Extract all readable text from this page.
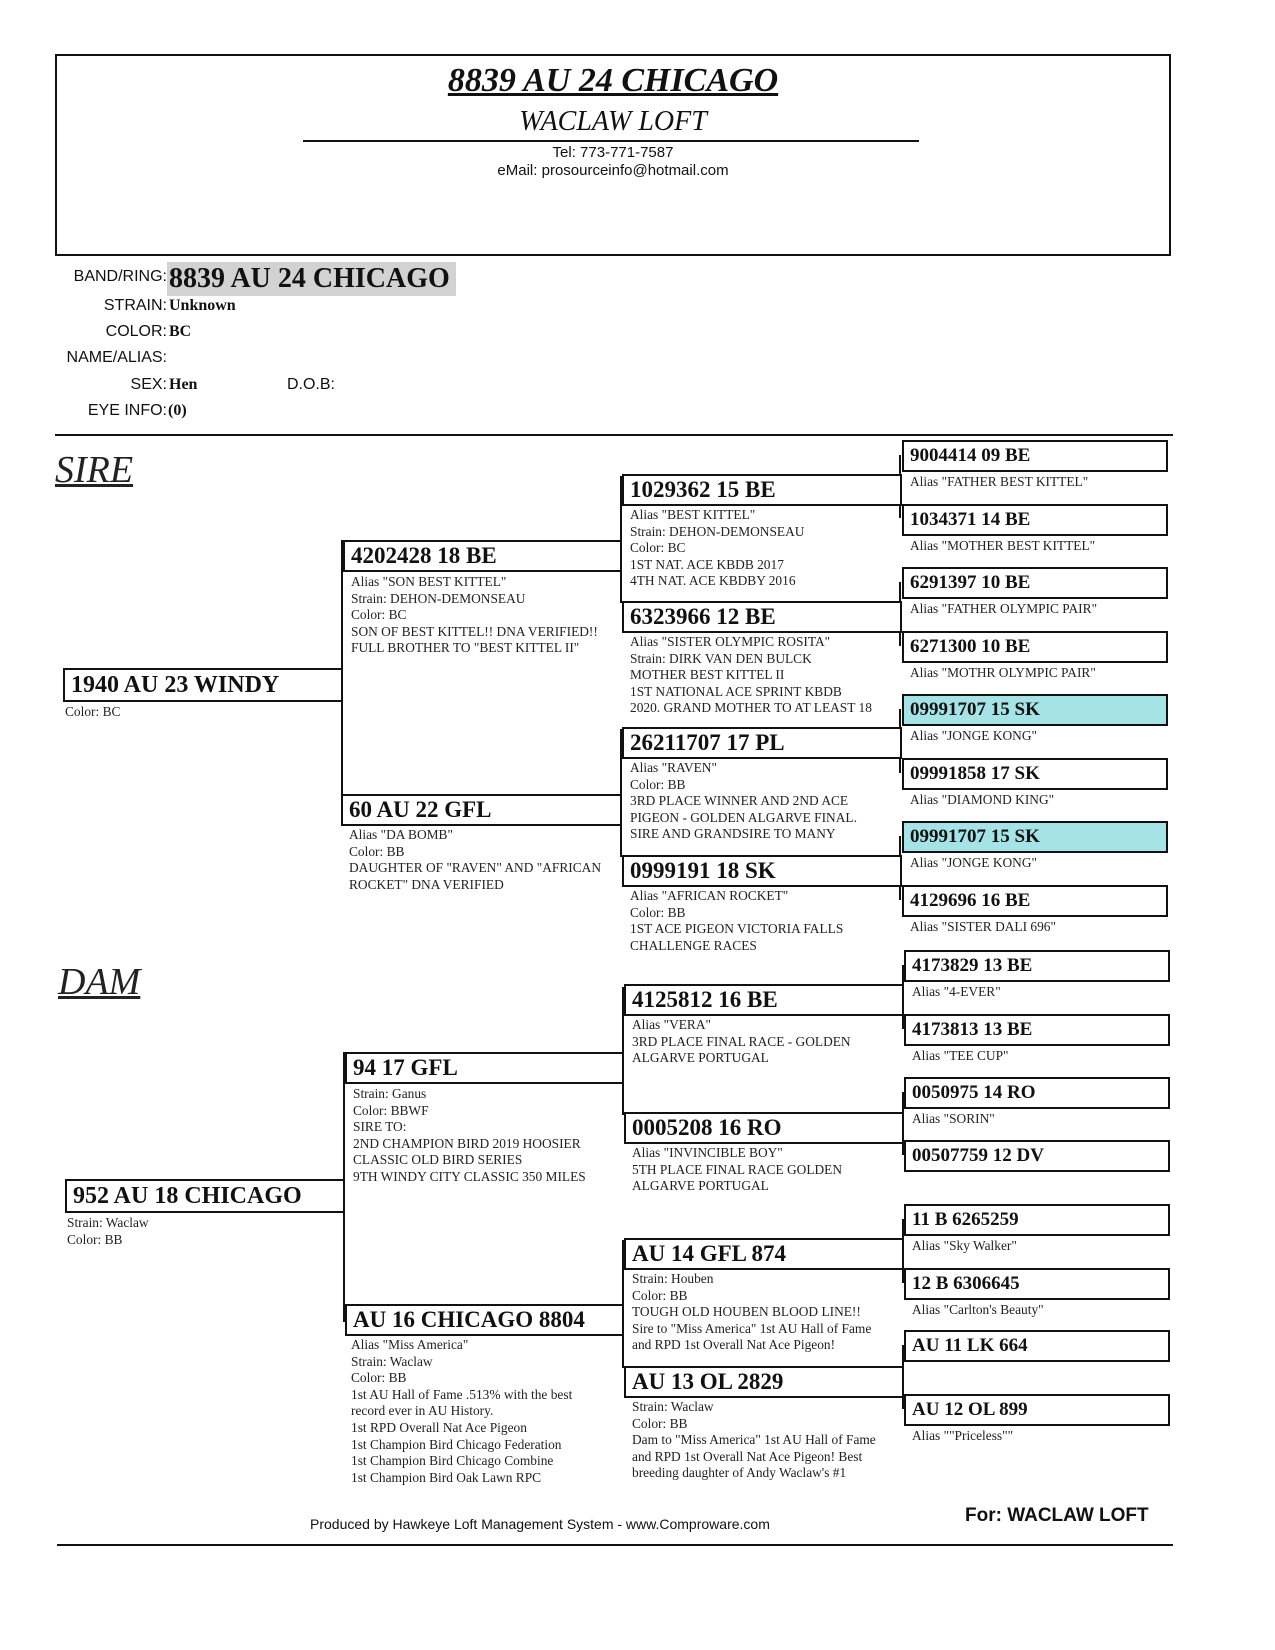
8839 AU 24 CHICAGO
WACLAW LOFT
Tel: 773-771-7587
eMail: prosourceinfo@hotmail.com
BAND/RING: 8839 AU 24 CHICAGO
STRAIN: Unknown
COLOR: BC
NAME/ALIAS:
SEX: Hen	D.O.B:
EYE INFO: (0)
SIRE
DAM
1940 AU 23 WINDY
Color: BC
952 AU 18 CHICAGO
Strain: Waclaw
Color: BB
4202428 18 BE
Alias "SON BEST KITTEL"
Strain: DEHON-DEMONSEAU
Color: BC
SON OF BEST KITTEL!! DNA VERIFIED!!
FULL BROTHER TO "BEST KITTEL II"
60 AU 22 GFL
Alias "DA BOMB"
Color: BB
DAUGHTER OF "RAVEN" AND "AFRICAN
ROCKET" DNA VERIFIED
94 17 GFL
Strain: Ganus
Color: BBWF
SIRE TO:
2ND CHAMPION BIRD 2019 HOOSIER
CLASSIC OLD BIRD SERIES
9TH WINDY CITY CLASSIC 350 MILES
AU 16 CHICAGO 8804
Alias "Miss America"
Strain: Waclaw
Color: BB
1st AU Hall of Fame .513% with the best
record ever in AU History.
1st RPD Overall Nat Ace Pigeon
1st Champion Bird Chicago Federation
1st Champion Bird Chicago Combine
1st Champion Bird Oak Lawn RPC
1029362 15 BE
Alias "BEST KITTEL"
Strain: DEHON-DEMONSEAU
Color: BC
1ST NAT. ACE KBDB 2017
4TH NAT. ACE KBDBY 2016
6323966 12 BE
Alias "SISTER OLYMPIC ROSITA"
Strain: DIRK VAN DEN BULCK
MOTHER BEST KITTEL II
1ST NATIONAL ACE SPRINT KBDB
2020. GRAND MOTHER TO AT LEAST 18
26211707 17 PL
Alias "RAVEN"
Color: BB
3RD PLACE WINNER AND 2ND ACE
PIGEON - GOLDEN ALGARVE FINAL.
SIRE AND GRANDSIRE TO MANY
0999191 18 SK
Alias "AFRICAN ROCKET"
Color: BB
1ST ACE PIGEON VICTORIA FALLS
CHALLENGE RACES
4125812 16 BE
Alias "VERA"
3RD PLACE FINAL RACE - GOLDEN
ALGARVE PORTUGAL
0005208 16 RO
Alias "INVINCIBLE BOY"
5TH PLACE FINAL RACE GOLDEN
ALGARVE PORTUGAL
AU 14 GFL 874
Strain: Houben
Color: BB
TOUGH OLD HOUBEN BLOOD LINE!!
Sire to "Miss America" 1st AU Hall of Fame
and RPD 1st Overall Nat Ace Pigeon!
AU 13 OL 2829
Strain: Waclaw
Color: BB
Dam to "Miss America" 1st AU Hall of Fame
and RPD 1st Overall Nat Ace Pigeon! Best
breeding daughter of Andy Waclaw's #1
9004414 09 BE
Alias "FATHER BEST KITTEL"
1034371 14 BE
Alias "MOTHER BEST KITTEL"
6291397 10 BE
Alias "FATHER OLYMPIC PAIR"
6271300 10 BE
Alias "MOTHR OLYMPIC PAIR"
09991707 15 SK
Alias "JONGE KONG"
09991858 17 SK
Alias "DIAMOND KING"
09991707 15 SK
Alias "JONGE KONG"
4129696 16 BE
Alias "SISTER DALI 696"
4173829 13 BE
Alias "4-EVER"
4173813 13 BE
Alias "TEE CUP"
0050975 14 RO
Alias "SORIN"
00507759 12 DV
11 B 6265259
Alias "Sky Walker"
12 B 6306645
Alias "Carlton's Beauty"
AU 11 LK 664
AU 12 OL 899
Alias ""Priceless""
Produced by Hawkeye Loft Management System - www.Comproware.com	For: WACLAW LOFT
